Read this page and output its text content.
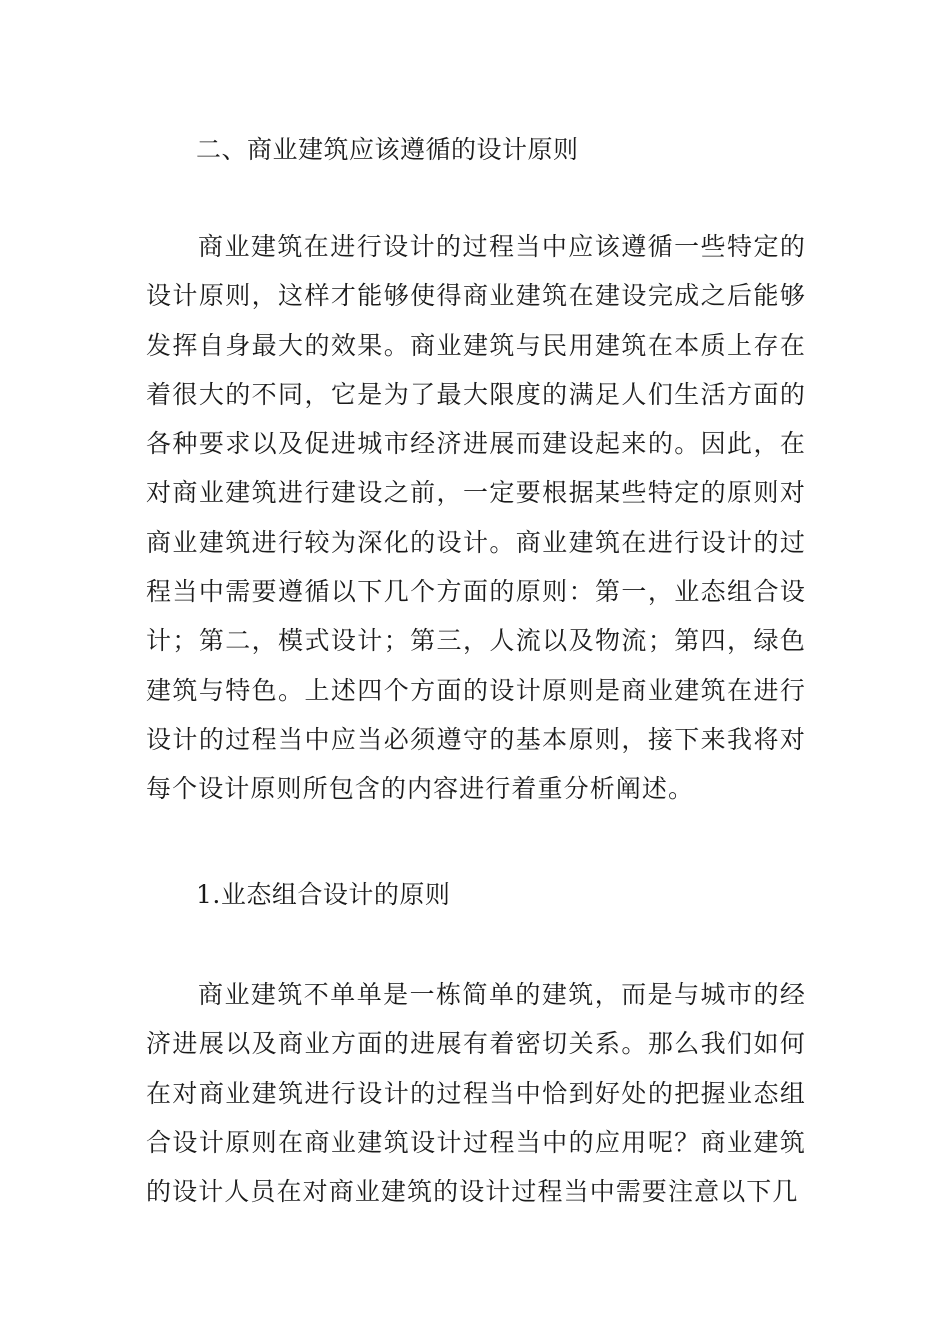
二、商业建筑应该遵循的设计原则

商业建筑在进行设计的过程当中应该遵循一些特定的设计原则，这样才能够使得商业建筑在建设完成之后能够发挥自身最大的效果。商业建筑与民用建筑在本质上存在着很大的不同，它是为了最大限度的满足人们生活方面的各种要求以及促进城市经济进展而建设起来的。因此，在对商业建筑进行建设之前，一定要根据某些特定的原则对商业建筑进行较为深化的设计。商业建筑在进行设计的过程当中需要遵循以下几个方面的原则：第一，业态组合设计；第二，模式设计；第三，人流以及物流；第四，绿色建筑与特色。上述四个方面的设计原则是商业建筑在进行设计的过程当中应当必须遵守的基本原则，接下来我将对每个设计原则所包含的内容进行着重分析阐述。

1.业态组合设计的原则

商业建筑不单单是一栋简单的建筑，而是与城市的经济进展以及商业方面的进展有着密切关系。那么我们如何在对商业建筑进行设计的过程当中恰到好处的把握业态组合设计原则在商业建筑设计过程当中的应用呢？商业建筑的设计人员在对商业建筑的设计过程当中需要注意以下几
